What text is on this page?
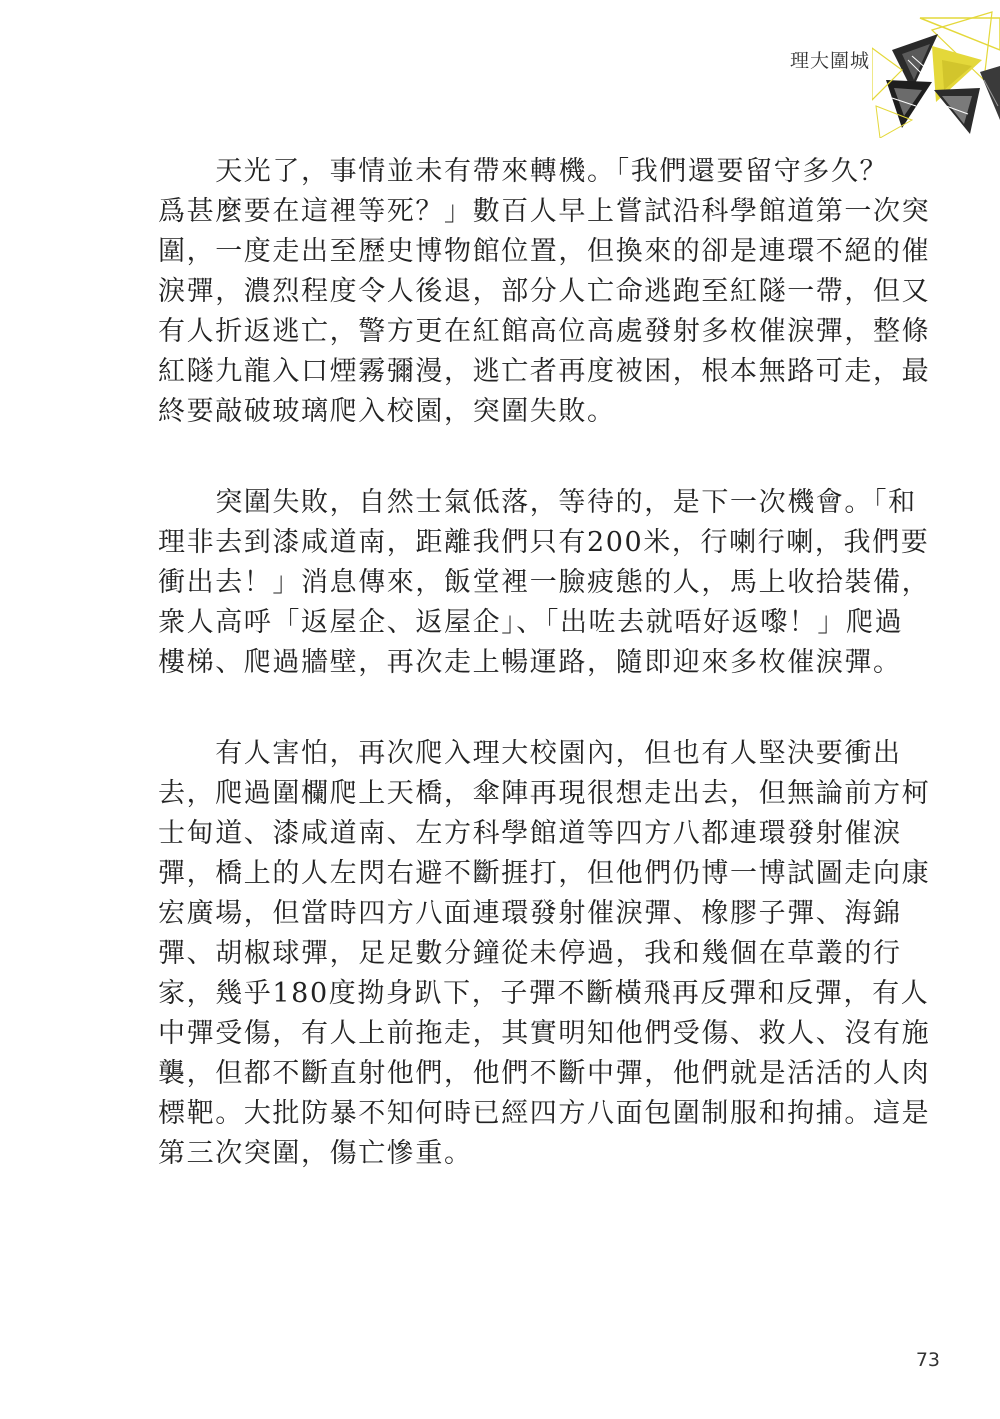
理大圍城

　　天光了，事情並未有帶來轉機。「我們還要留守多久？
爲甚麼要在這裡等死？」數百人早上嘗試沿科學館道第一次突
圍，一度走出至歷史博物館位置，但換來的卻是連環不絕的催
淚彈，濃烈程度令人後退，部分人亡命逃跑至紅隧一帶，但又
有人折返逃亡，警方更在紅館高位高處發射多枚催淚彈，整條
紅隧九龍入口煙霧彌漫，逃亡者再度被困，根本無路可走，最
終要敲破玻璃爬入校園，突圍失敗。

　　突圍失敗，自然士氣低落，等待的，是下一次機會。「和
理非去到漆咸道南，距離我們只有200米，行喇行喇，我們要
衝出去！」消息傳來，飯堂裡一臉疲態的人，馬上收拾裝備，
衆人高呼「返屋企、返屋企」、「出咗去就唔好返嚟！」爬過
樓梯、爬過牆壁，再次走上暢運路，隨即迎來多枚催淚彈。

　　有人害怕，再次爬入理大校園內，但也有人堅決要衝出
去，爬過圍欄爬上天橋，傘陣再現很想走出去，但無論前方柯
士甸道、漆咸道南、左方科學館道等四方八都連環發射催淚
彈，橋上的人左閃右避不斷捱打，但他們仍博一博試圖走向康
宏廣場，但當時四方八面連環發射催淚彈、橡膠子彈、海錦
彈、胡椒球彈，足足數分鐘從未停過，我和幾個在草叢的行
家，幾乎180度拗身趴下，子彈不斷橫飛再反彈和反彈，有人
中彈受傷，有人上前拖走，其實明知他們受傷、救人、沒有施
襲，但都不斷直射他們，他們不斷中彈，他們就是活活的人肉
標靶。大批防暴不知何時已經四方八面包圍制服和拘捕。這是
第三次突圍，傷亡慘重。

73
